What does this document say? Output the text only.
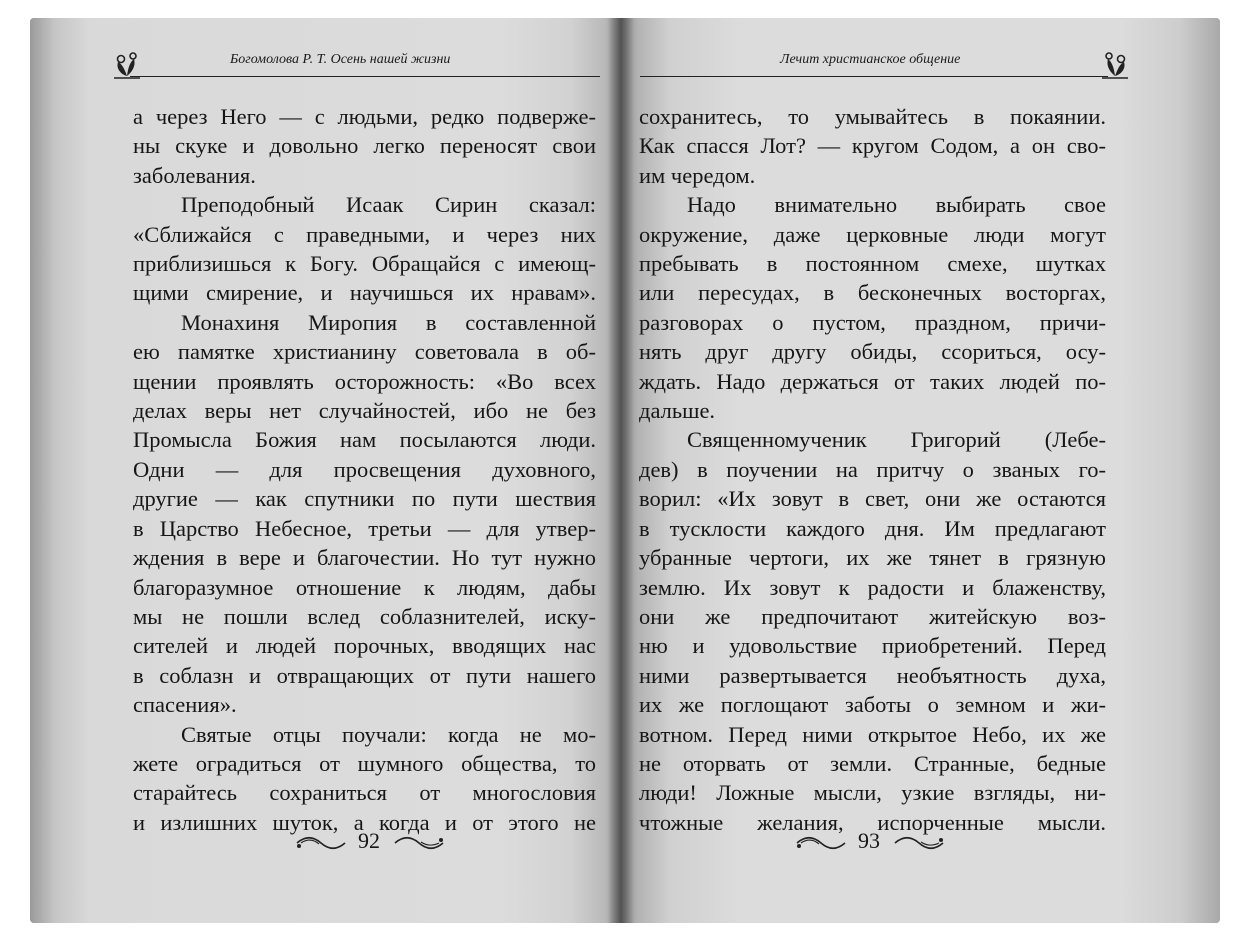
Богомолова Р. Т. Осень нашей жизни
а через Него — с людьми, редко подвержe-
ны скуке и довольно легко переносят свои
заболевания.
Преподобный Исаак Сирин сказал:
«Сближайся с праведными, и через них
приблизишься к Богу. Обращайся с имеющ-
щими смирение, и научишься их нравам».
Монахиня Миропия в составленной
ею памятке христианину советовала в об-
щении проявлять осторожность: «Во всех
делах веры нет случайностей, ибо не без
Промысла Божия нам посылаются люди.
Одни — для просвещения духовного,
другие — как спутники по пути шествия
в Царство Небесное, третьи — для утвер-
ждения в вере и благочестии. Но тут нужно
благоразумное отношение к людям, дабы
мы не пошли вслед соблазнителей, иску-
сителей и людей порочных, вводящих нас
в соблазн и отвращающих от пути нашего
спасения».
Святые отцы поучали: когда не мо-
жете оградиться от шумного общества, то
старайтесь сохраниться от многословия
и излишних шуток, а когда и от этого не
92
Лечит христианское общение
сохранитесь, то умывайтесь в покаянии.
Как спасся Лот? — кругом Содом, а он сво-
им чередом.
Надо внимательно выбирать свое
окружение, даже церковные люди могут
пребывать в постоянном смехе, шутках
или пересудах, в бесконечных восторгах,
разговорах о пустом, праздном, причи-
нять друг другу обиды, ссориться, осу-
ждать. Надо держаться от таких людей по-
дальше.
Священномученик Григорий (Лебе-
дев) в поучении на притчу о званых го-
ворил: «Их зовут в свет, они же остаются
в тусклости каждого дня. Им предлагают
убранные чертоги, их же тянет в грязную
землю. Их зовут к радости и блаженству,
они же предпочитают житейскую воз-
ню и удовольствие приобретений. Перед
ними развертывается необъятность духа,
их же поглощают заботы о земном и жи-
вотном. Перед ними открытое Небо, их же
не оторвать от земли. Странные, бедные
люди! Ложные мысли, узкие взгляды, ни-
чтожные желания, испорченные мысли.
93
